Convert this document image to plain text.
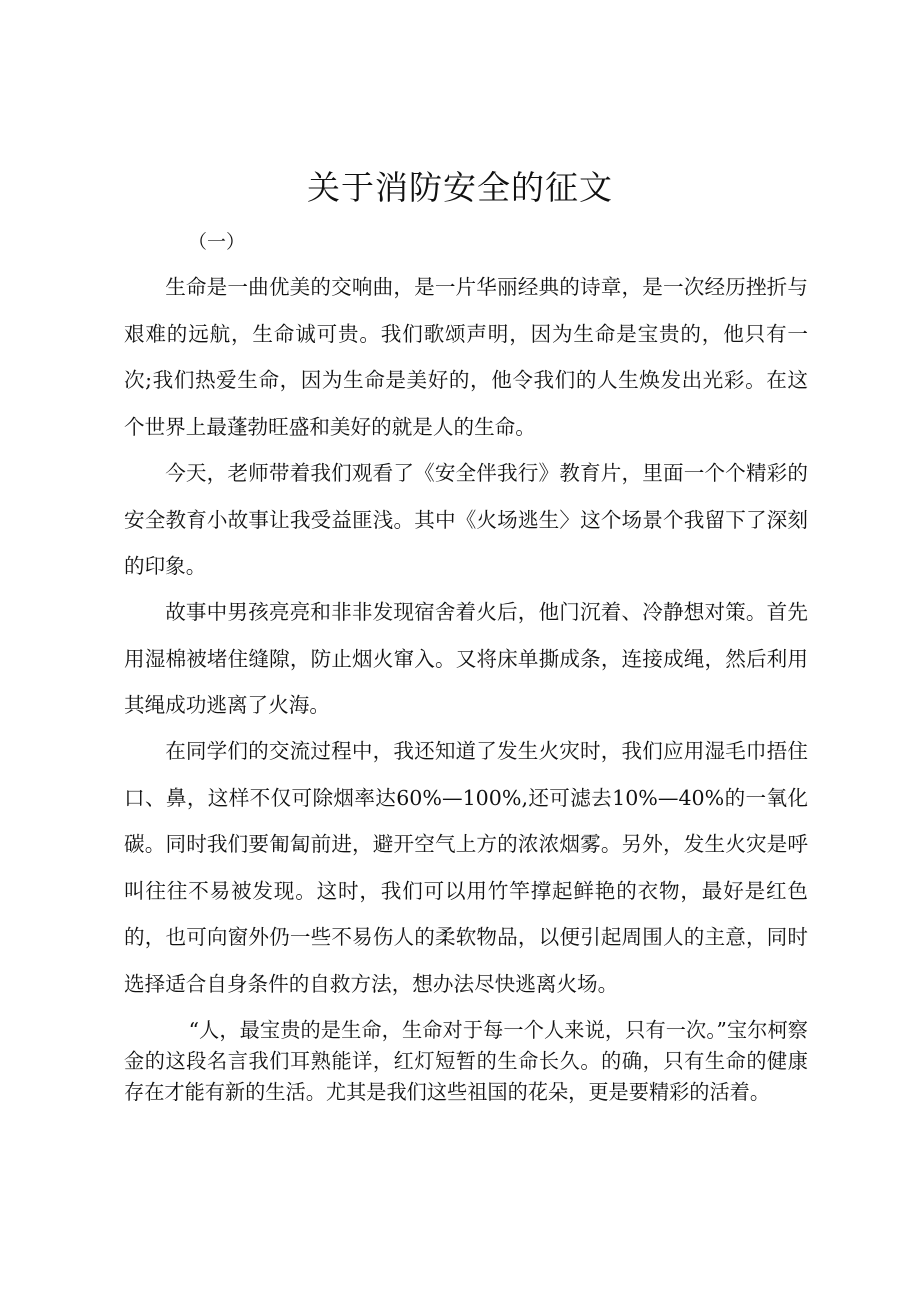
关于消防安全的征文

（一）

生命是一曲优美的交响曲，是一片华丽经典的诗章，是一次经历挫折与艰难的远航，生命诚可贵。我们歌颂声明，因为生命是宝贵的，他只有一次;我们热爱生命，因为生命是美好的，他令我们的人生焕发出光彩。在这个世界上最蓬勃旺盛和美好的就是人的生命。

今天，老师带着我们观看了《安全伴我行》教育片，里面一个个精彩的安全教育小故事让我受益匪浅。其中《火场逃生〉这个场景个我留下了深刻的印象。

故事中男孩亮亮和非非发现宿舍着火后，他门沉着、冷静想对策。首先用湿棉被堵住缝隙，防止烟火窜入。又将床单撕成条，连接成绳，然后利用其绳成功逃离了火海。

在同学们的交流过程中，我还知道了发生火灾时，我们应用湿毛巾捂住口、鼻，这样不仅可除烟率达60%—100%,还可滤去10%—40%的一氧化碳。同时我们要匍匐前进，避开空气上方的浓浓烟雾。另外，发生火灾是呼叫往往不易被发现。这时，我们可以用竹竿撑起鲜艳的衣物，最好是红色的，也可向窗外仍一些不易伤人的柔软物品，以便引起周围人的主意，同时选择适合自身条件的自救方法，想办法尽快逃离火场。

“人，最宝贵的是生命，生命对于每一个人来说，只有一次。”宝尔柯察金的这段名言我们耳熟能详，红灯短暂的生命长久。的确，只有生命的健康存在才能有新的生活。尤其是我们这些祖国的花朵，更是要精彩的活着。
